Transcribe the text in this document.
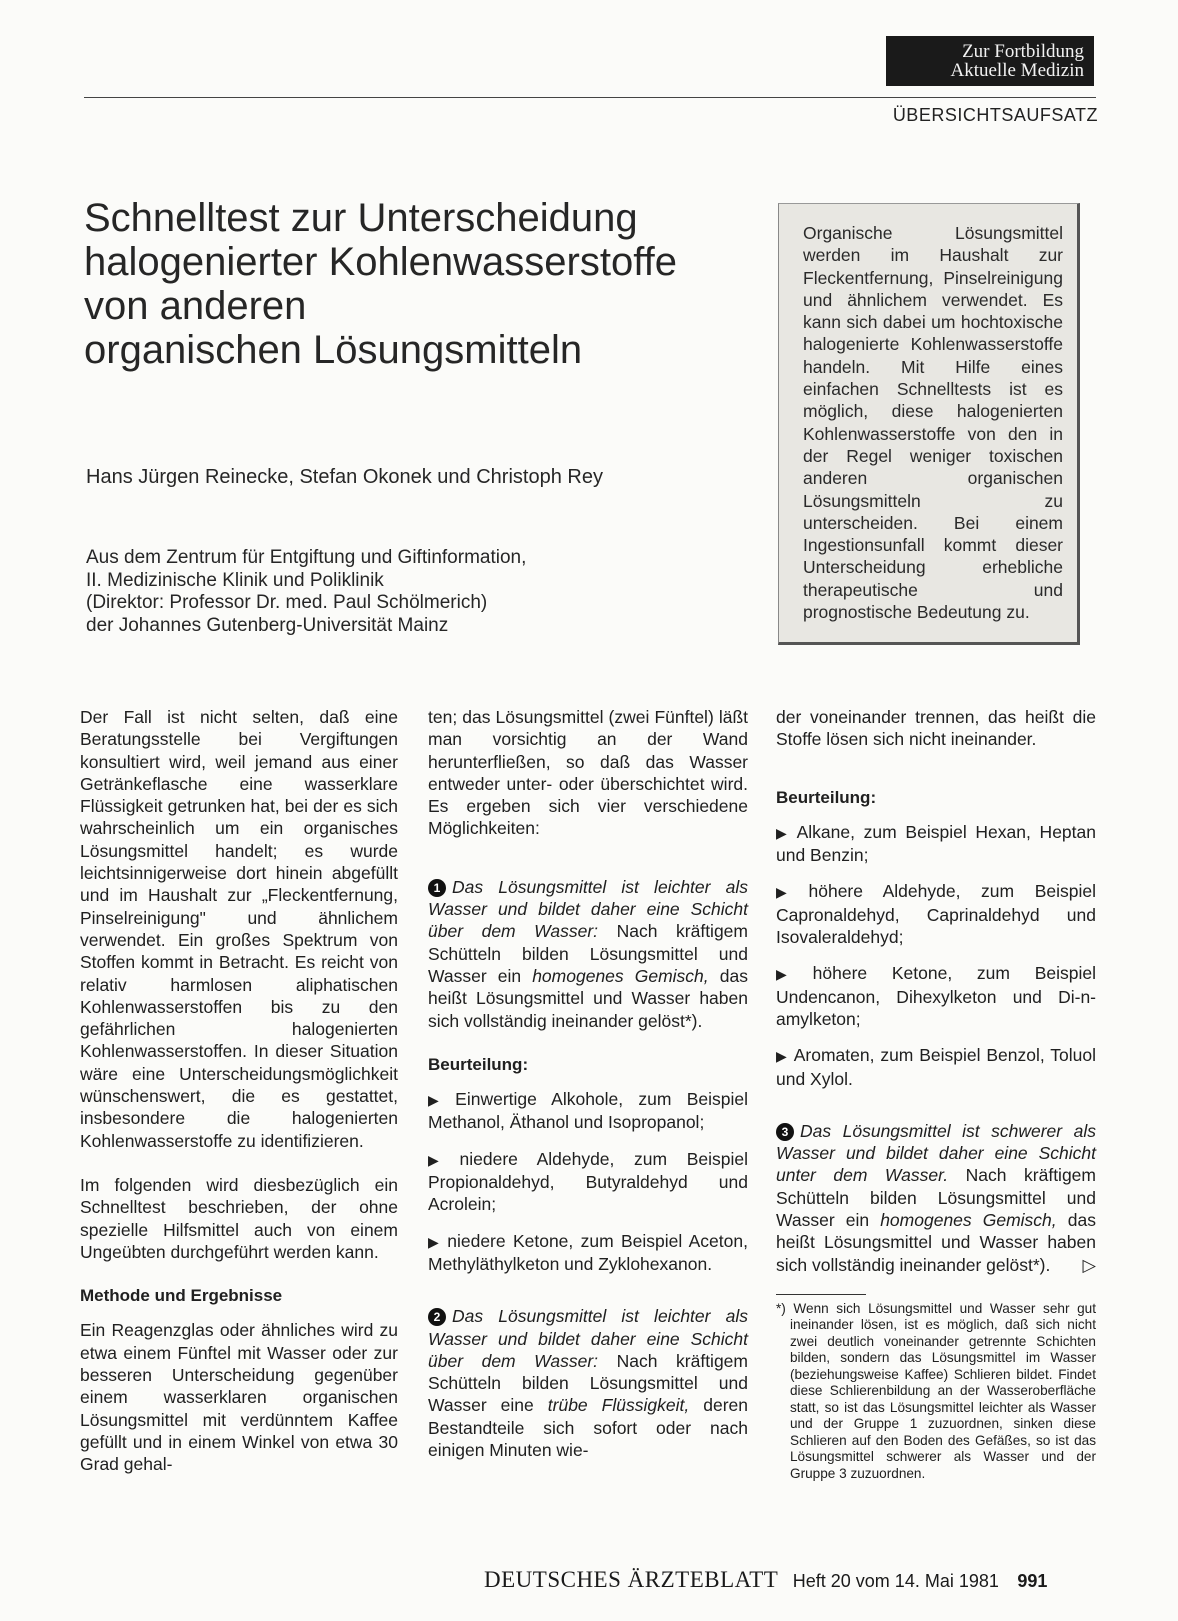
Zur Fortbildung
Aktuelle Medizin
ÜBERSICHTSAUFSATZ
Schnelltest zur Unterscheidung
halogenierter Kohlenwasserstoffe
von anderen
organischen Lösungsmitteln
Hans Jürgen Reinecke, Stefan Okonek und Christoph Rey
Aus dem Zentrum für Entgiftung und Giftinformation,
II. Medizinische Klinik und Poliklinik
(Direktor: Professor Dr. med. Paul Schölmerich)
der Johannes Gutenberg-Universität Mainz
Organische Lösungsmittel werden im Haushalt zur Fleckentfernung, Pinselreinigung und ähnlichem verwendet. Es kann sich dabei um hochtoxische halogenierte Kohlenwasserstoffe handeln. Mit Hilfe eines einfachen Schnelltests ist es möglich, diese halogenierten Kohlenwasserstoffe von den in der Regel weniger toxischen anderen organischen Lösungsmitteln zu unterscheiden. Bei einem Ingestionsunfall kommt dieser Unterscheidung erhebliche therapeutische und prognostische Bedeutung zu.

Der Fall ist nicht selten, daß eine Beratungsstelle bei Vergiftungen konsultiert wird, weil jemand aus einer Getränkeflasche eine wasserklare Flüssigkeit getrunken hat, bei der es sich wahrscheinlich um ein organisches Lösungsmittel handelt; es wurde leichtsinnigerweise dort hinein abgefüllt und im Haushalt zur „Fleckentfernung, Pinselreinigung" und ähnlichem verwendet. Ein großes Spektrum von Stoffen kommt in Betracht. Es reicht von relativ harmlosen aliphatischen Kohlenwasserstoffen bis zu den gefährlichen halogenierten Kohlenwasserstoffen. In dieser Situation wäre eine Unterscheidungsmöglichkeit wünschenswert, die es gestattet, insbesondere die halogenierten Kohlenwasserstoffe zu identifizieren.

Im folgenden wird diesbezüglich ein Schnelltest beschrieben, der ohne spezielle Hilfsmittel auch von einem Ungeübten durchgeführt werden kann.

Methode und Ergebnisse

Ein Reagenzglas oder ähnliches wird zu etwa einem Fünftel mit Wasser oder zur besseren Unterscheidung gegenüber einem wasserklaren organischen Lösungsmittel mit verdünntem Kaffee gefüllt und in einem Winkel von etwa 30 Grad gehal-

ten; das Lösungsmittel (zwei Fünftel) läßt man vorsichtig an der Wand herunterfließen, so daß das Wasser entweder unter- oder überschichtet wird. Es ergeben sich vier verschiedene Möglichkeiten:

1 Das Lösungsmittel ist leichter als Wasser und bildet daher eine Schicht über dem Wasser: Nach kräftigem Schütteln bilden Lösungsmittel und Wasser ein homogenes Gemisch, das heißt Lösungsmittel und Wasser haben sich vollständig ineinander gelöst*).

Beurteilung:

▶ Einwertige Alkohole, zum Beispiel Methanol, Äthanol und Isopropanol;

▶ niedere Aldehyde, zum Beispiel Propionaldehyd, Butyraldehyd und Acrolein;

▶ niedere Ketone, zum Beispiel Aceton, Methyläthylketon und Zyklohexanon.

2 Das Lösungsmittel ist leichter als Wasser und bildet daher eine Schicht über dem Wasser: Nach kräftigem Schütteln bilden Lösungsmittel und Wasser eine trübe Flüssigkeit, deren Bestandteile sich sofort oder nach einigen Minuten wie-

der voneinander trennen, das heißt die Stoffe lösen sich nicht ineinander.

Beurteilung:

▶ Alkane, zum Beispiel Hexan, Heptan und Benzin;

▶ höhere Aldehyde, zum Beispiel Capronaldehyd, Caprinaldehyd und Isovaleraldehyd;

▶ höhere Ketone, zum Beispiel Undencanon, Dihexylketon und Di-n-amylketon;

▶ Aromaten, zum Beispiel Benzol, Toluol und Xylol.

3 Das Lösungsmittel ist schwerer als Wasser und bildet daher eine Schicht unter dem Wasser. Nach kräftigem Schütteln bilden Lösungsmittel und Wasser ein homogenes Gemisch, das heißt Lösungsmittel und Wasser haben sich vollständig ineinander gelöst*). ▷

*) Wenn sich Lösungsmittel und Wasser sehr gut ineinander lösen, ist es möglich, daß sich nicht zwei deutlich voneinander getrennte Schichten bilden, sondern das Lösungsmittel im Wasser (beziehungsweise Kaffee) Schlieren bildet. Findet diese Schlierenbildung an der Wasseroberfläche statt, so ist das Lösungsmittel leichter als Wasser und der Gruppe 1 zuzuordnen, sinken diese Schlieren auf den Boden des Gefäßes, so ist das Lösungsmittel schwerer als Wasser und der Gruppe 3 zuzuordnen.
DEUTSCHES ÄRZTEBLATT Heft 20 vom 14. Mai 1981 991
